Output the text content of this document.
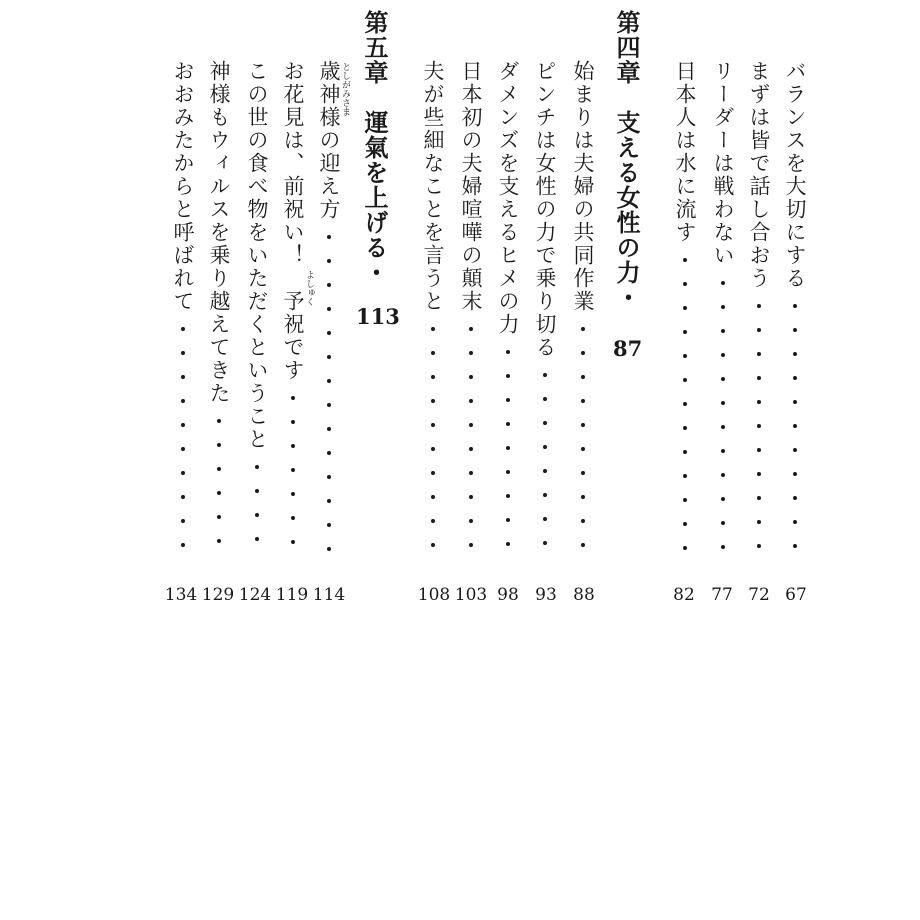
バランスを大切にする
まずは皆で話し合おう
リーダーは戦わない
日本人は水に流す
第四章　支える女性の力・
87
始まりは夫婦の共同作業
ピンチは女性の力で乗り切る
ダメンズを支えるヒメの力
日本初の夫婦喧嘩の顛末
夫が些細なことを言うと
第五章　運氣を上げる・
113
としがみさま
歳神様の迎え方
よしゅく
お花見は、前祝い！　予祝です
この世の食べ物をいただくということ
神様もウィルスを乗り越えてきた
おおみたからと呼ばれて
67
72
77
82
88
93
98
103
108
114
119
124
129
134
